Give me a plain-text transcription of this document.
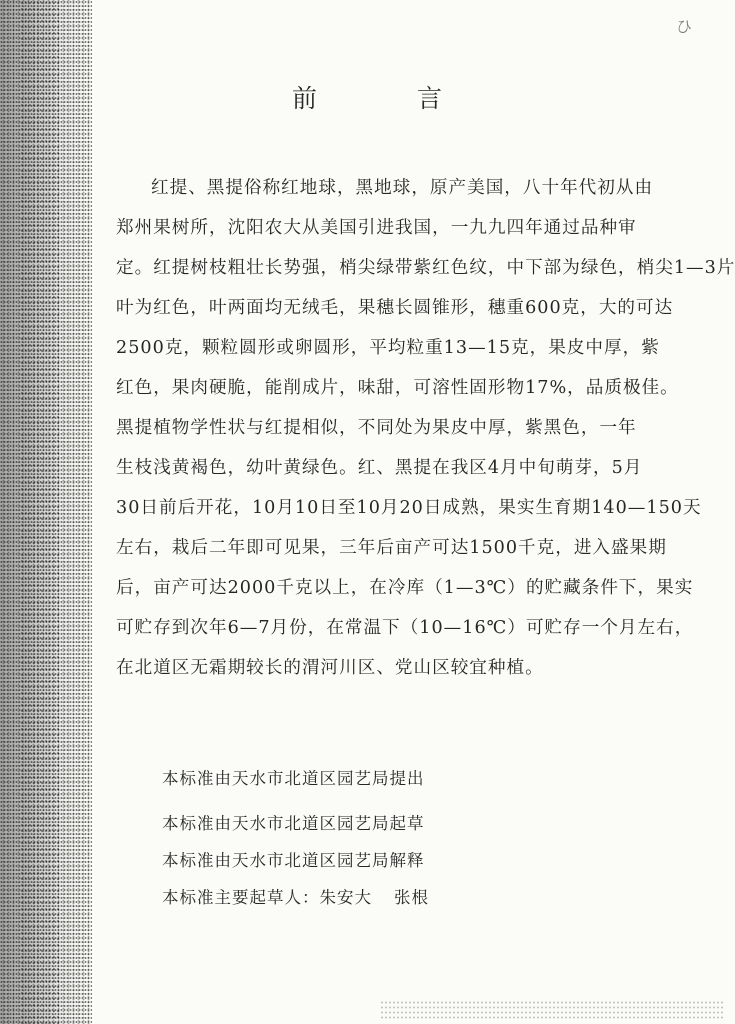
ひ
前	言
红提、黑提俗称红地球，黑地球，原产美国，八十年代初从由
郑州果树所，沈阳农大从美国引进我国，一九九四年通过品种审
定。红提树枝粗壮长势强，梢尖绿带紫红色纹，中下部为绿色，梢尖1—3片
叶为红色，叶两面均无绒毛，果穗长圆锥形，穗重600克，大的可达
2500克，颗粒圆形或卵圆形，平均粒重13—15克，果皮中厚，紫
红色，果肉硬脆，能削成片，味甜，可溶性固形物17%，品质极佳。
黑提植物学性状与红提相似，不同处为果皮中厚，紫黑色，一年
生枝浅黄褐色，幼叶黄绿色。红、黑提在我区4月中旬萌芽，5月
30日前后开花，10月10日至10月20日成熟，果实生育期140—150天
左右，栽后二年即可见果，三年后亩产可达1500千克，进入盛果期
后，亩产可达2000千克以上，在冷库（1—3℃）的贮藏条件下，果实
可贮存到次年6—7月份，在常温下（10—16℃）可贮存一个月左右，
在北道区无霜期较长的渭河川区、党山区较宜种植。
本标准由天水市北道区园艺局提出
本标准由天水市北道区园艺局起草
本标准由天水市北道区园艺局解释
本标准主要起草人：朱安大 张根
